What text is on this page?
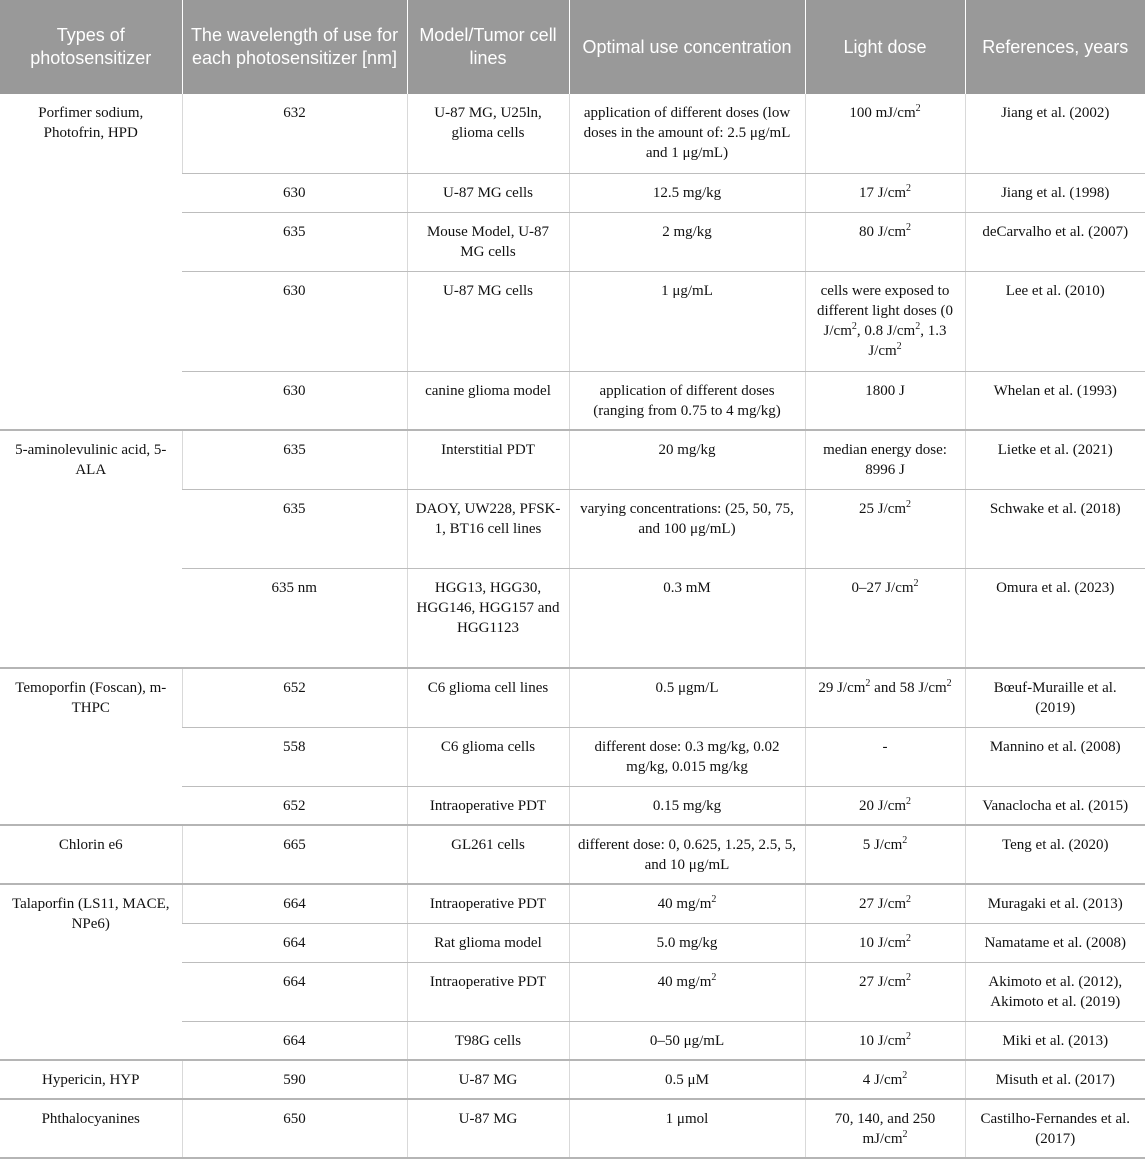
Types of photosensitizer	The wavelength of use for each photosensitizer [nm]	Model/Tumor cell lines	Optimal use concentration	Light dose	References, years
Porfimer sodium, Photofrin, HPD	632	U-87 MG, U25ln, glioma cells	application of different doses (low doses in the amount of: 2.5 μg/mL and 1 μg/mL)	100 $mJ/cm^2$	Jiang et al. (2002)
	630	U-87 MG cells	12.5 mg/kg	17 $J/cm^2$	Jiang et al. (1998)
	635	Mouse Model, U-87 MG cells	2 mg/kg	80 $J/cm^2$	deCarvalho et al. (2007)
	630	U-87 MG cells	1 μg/mL	cells were exposed to different light doses (0 $J/cm^2$, 0.8 $J/cm^2$, 1.3 $J/cm^2$	Lee et al. (2010)
	630	canine glioma model	application of different doses (ranging from 0.75 to 4 mg/kg)	1800 J	Whelan et al. (1993)
5-aminolevulinic acid, 5-ALA	635	Interstitial PDT	20 mg/kg	median energy dose: 8996 J	Lietke et al. (2021)
	635	DAOY, UW228, PFSK-1, BT16 cell lines	varying concentrations: (25, 50, 75, and 100 μg/mL)	25 $J/cm^2$	Schwake et al. (2018)
	635 nm	HGG13, HGG30, HGG146, HGG157 and HGG1123	0.3 mM	0–27 $J/cm^2$	Omura et al. (2023)
Temoporfin (Foscan), m-THPC	652	C6 glioma cell lines	0.5 μgm/L	29 $J/cm^2$ and 58 $J/cm^2$	Bœuf-Muraille et al. (2019)
	558	C6 glioma cells	different dose: 0.3 mg/kg, 0.02 mg/kg, 0.015 mg/kg	-	Mannino et al. (2008)
	652	Intraoperative PDT	0.15 mg/kg	20 $J/cm^2$	Vanaclocha et al. (2015)
Chlorin e6	665	GL261 cells	different dose: 0, 0.625, 1.25, 2.5, 5, and 10 μg/mL	5 $J/cm^2$	Teng et al. (2020)
Talaporfin (LS11, MACE, NPe6)	664	Intraoperative PDT	40 $mg/m^2$	27 $J/cm^2$	Muragaki et al. (2013)
	664	Rat glioma model	5.0 mg/kg	10 $J/cm^2$	Namatame et al. (2008)
	664	Intraoperative PDT	40 $mg/m^2$	27 $J/cm^2$	Akimoto et al. (2012), Akimoto et al. (2019)
	664	T98G cells	0–50 μg/mL	10 $J/cm^2$	Miki et al. (2013)
Hypericin, HYP	590	U-87 MG	0.5 μM	4 $J/cm^2$	Misuth et al. (2017)
Phthalocyanines	650	U-87 MG	1 μmol	70, 140, and 250 $mJ/cm^2$	Castilho-Fernandes et al. (2017)
